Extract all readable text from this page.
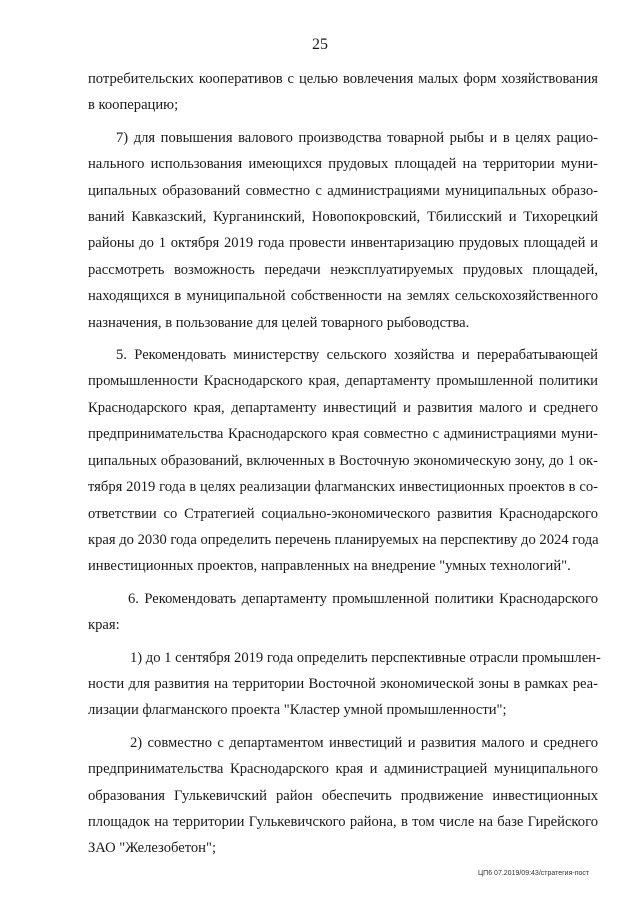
25
потребительских кооперативов с целью вовлечения малых форм хозяйствования
в кооперацию;
7) для повышения валового производства товарной рыбы и в целях рацио-
нального использования имеющихся прудовых площадей на территории муни-
ципальных образований совместно с администрациями муниципальных образо-
ваний Кавказский, Курганинский, Новопокровский, Тбилисский и Тихорецкий
районы до 1 октября 2019 года провести инвентаризацию прудовых площадей и
рассмотреть возможность передачи неэксплуатируемых прудовых площадей,
находящихся в муниципальной собственности на землях сельскохозяйственного
назначения, в пользование для целей товарного рыбоводства.
5. Рекомендовать министерству сельского хозяйства и перерабатывающей
промышленности Краснодарского края, департаменту промышленной политики
Краснодарского края, департаменту инвестиций и развития малого и среднего
предпринимательства Краснодарского края совместно с администрациями муни-
ципальных образований, включенных в Восточную экономическую зону, до 1 ок-
тября 2019 года в целях реализации флагманских инвестиционных проектов в со-
ответствии со Стратегией социально-экономического развития Краснодарского
края до 2030 года определить перечень планируемых на перспективу до 2024 года
инвестиционных проектов, направленных на внедрение "умных технологий".
6. Рекомендовать департаменту промышленной политики Краснодарского
края:
1) до 1 сентября 2019 года определить перспективные отрасли промышлен-
ности для развития на территории Восточной экономической зоны в рамках реа-
лизации флагманского проекта "Кластер умной промышленности";
2) совместно с департаментом инвестиций и развития малого и среднего
предпринимательства Краснодарского края и администрацией муниципального
образования Гулькевичский район обеспечить продвижение инвестиционных
площадок на территории Гулькевичского района, в том числе на базе Гирейского
ЗАО "Железобетон";
ЦП6 07.2019/09:43/стратегия-пост
